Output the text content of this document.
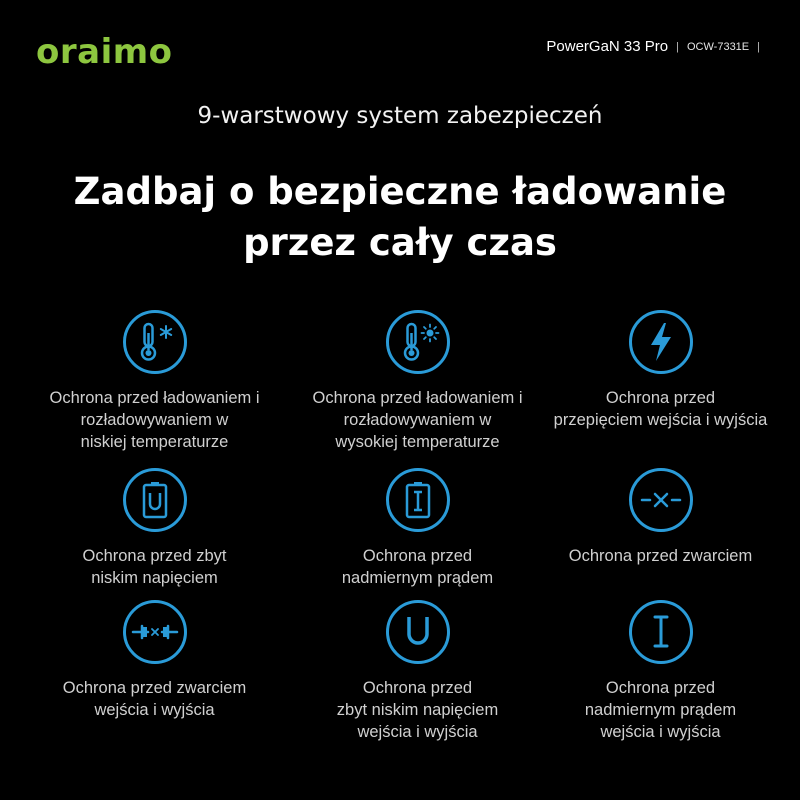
oraimo	PowerGaN 33 Pro | OCW-7331E |
9-warstwowy system zabezpieczeń
Zadbaj o bezpieczne ładowanie
przez cały czas
Ochrona przed ładowaniem i
rozładowywaniem w
niskiej temperaturze
Ochrona przed ładowaniem i
rozładowywaniem w
wysokiej temperaturze
Ochrona przed
przepięciem wejścia i wyjścia
Ochrona przed zbyt
niskim napięciem
Ochrona przed
nadmiernym prądem
Ochrona przed zwarciem
Ochrona przed zwarciem
wejścia i wyjścia
Ochrona przed
zbyt niskim napięciem
wejścia i wyjścia
Ochrona przed
nadmiernym prądem
wejścia i wyjścia
